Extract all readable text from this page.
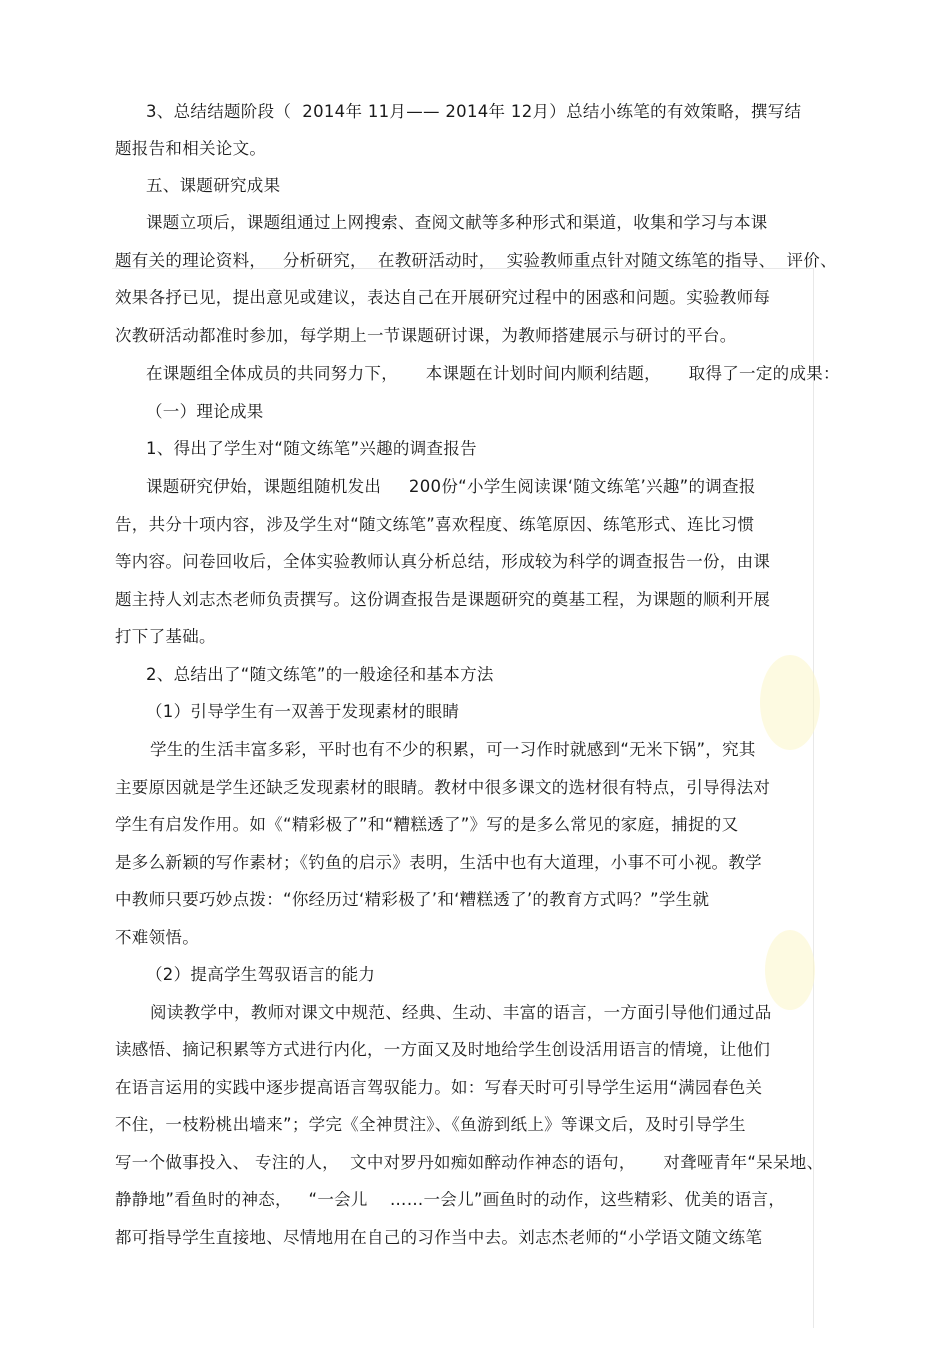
3、总结结题阶段（  2014年 11月—— 2014年 12月）总结小练笔的有效策略，撰写结
题报告和相关论文。
五、课题研究成果
课题立项后，课题组通过上网搜索、查阅文献等多种形式和渠道，收集和学习与本课
题有关的理论资料，   分析研究，  在教研活动时，  实验教师重点针对随文练笔的指导、  评价、
效果各抒已见，提出意见或建议，表达自己在开展研究过程中的困惑和问题。实验教师每
次教研活动都准时参加，每学期上一节课题研讨课，为教师搭建展示与研讨的平台。
在课题组全体成员的共同努力下，     本课题在计划时间内顺利结题，     取得了一定的成果：
（一）理论成果
1、得出了学生对“随文练笔”兴趣的调查报告
课题研究伊始，课题组随机发出     200份“小学生阅读课‘随文练笔’兴趣”的调查报
告，共分十项内容，涉及学生对“随文练笔”喜欢程度、练笔原因、练笔形式、连比习惯
等内容。问卷回收后，全体实验教师认真分析总结，形成较为科学的调查报告一份，由课
题主持人刘志杰老师负责撰写。这份调查报告是课题研究的奠基工程，为课题的顺利开展
打下了基础。
2、总结出了“随文练笔”的一般途径和基本方法
（1）引导学生有一双善于发现素材的眼睛
学生的生活丰富多彩，平时也有不少的积累，可一习作时就感到“无米下锅”，究其
主要原因就是学生还缺乏发现素材的眼睛。教材中很多课文的选材很有特点，引导得法对
学生有启发作用。如《“精彩极了”和“糟糕透了”》写的是多么常见的家庭，捕捉的又
是多么新颖的写作素材；《钓鱼的启示》表明，生活中也有大道理，小事不可小视。教学
中教师只要巧妙点拨：“你经历过‘精彩极了’和‘糟糕透了’的教育方式吗？”学生就
不难领悟。
（2）提高学生驾驭语言的能力
阅读教学中，教师对课文中规范、经典、生动、丰富的语言，一方面引导他们通过品
读感悟、摘记积累等方式进行内化，一方面又及时地给学生创设活用语言的情境，让他们
在语言运用的实践中逐步提高语言驾驭能力。如：写春天时可引导学生运用“满园春色关
不住，一枝粉桃出墙来”；学完《全神贯注》、《鱼游到纸上》等课文后，及时引导学生
写一个做事投入、 专注的人，  文中对罗丹如痴如醉动作神态的语句，     对聋哑青年“呆呆地、
静静地”看鱼时的神态，   “一会儿    ……一会儿”画鱼时的动作，这些精彩、优美的语言，
都可指导学生直接地、尽情地用在自己的习作当中去。刘志杰老师的“小学语文随文练笔
